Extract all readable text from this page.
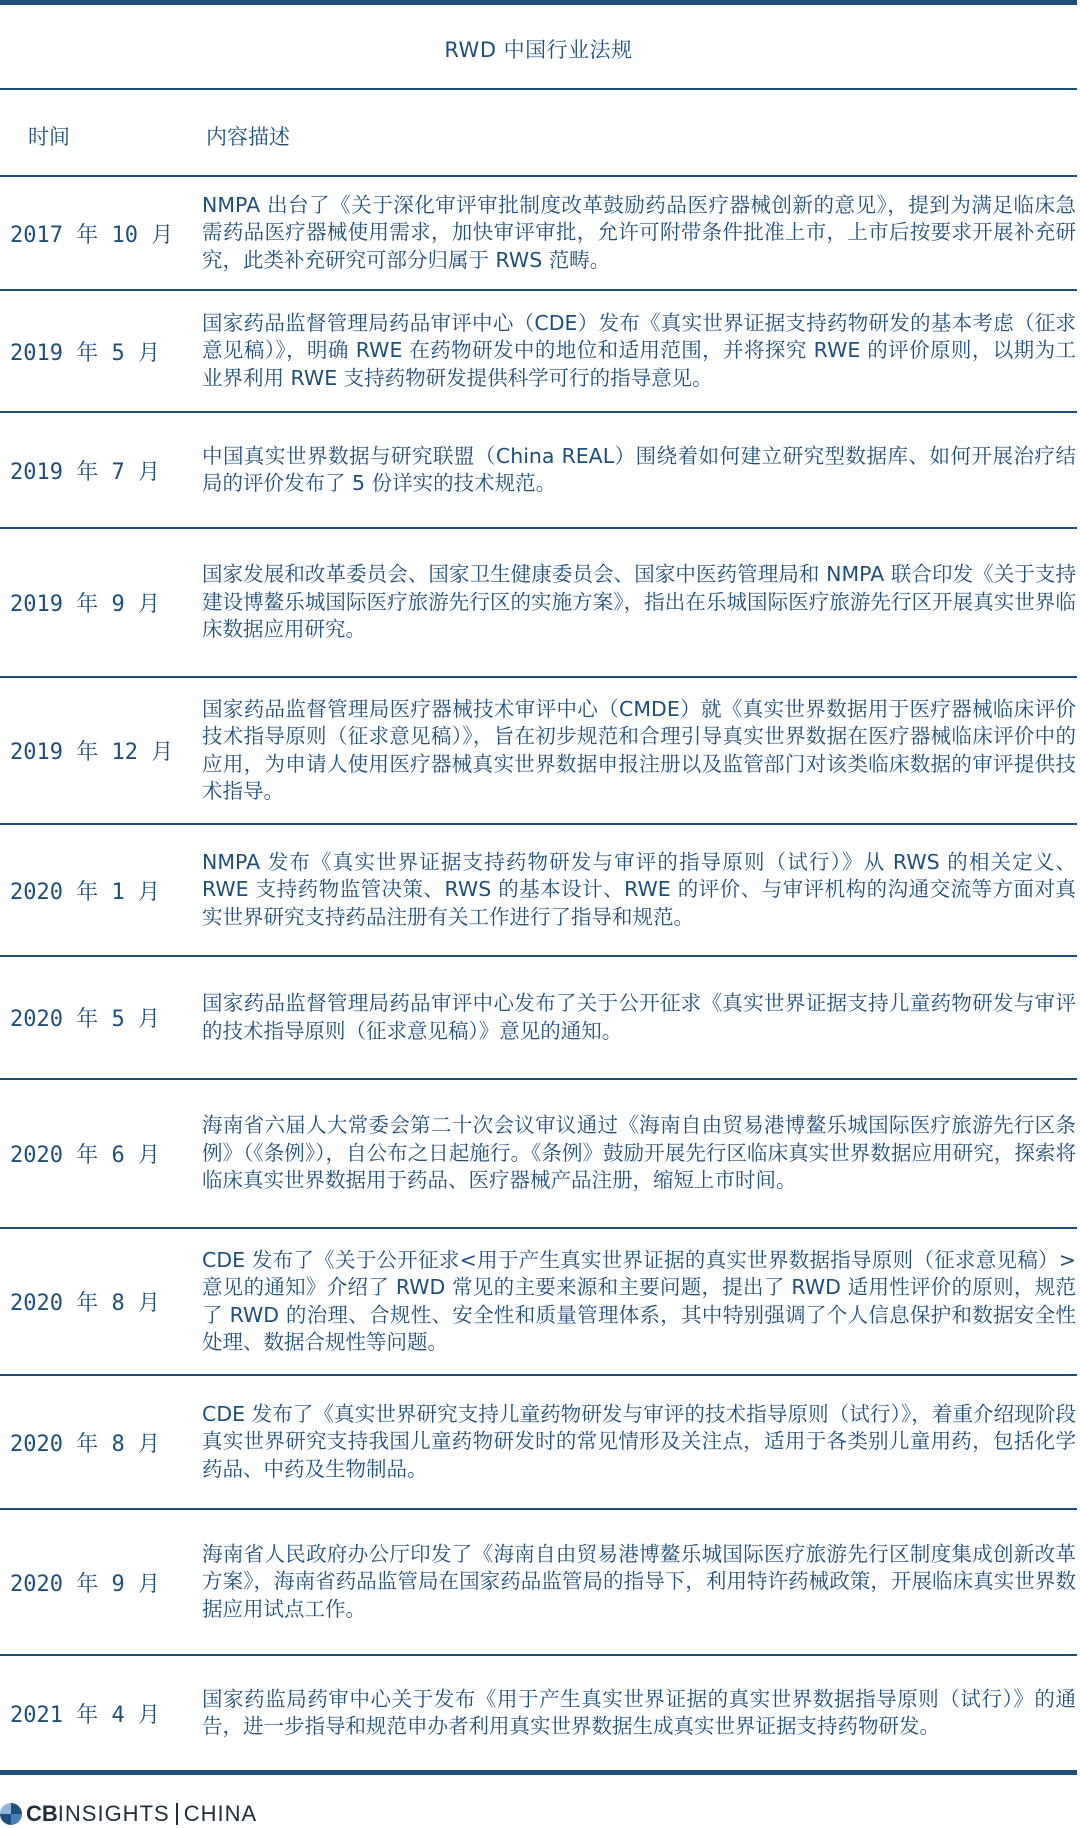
RWD 中国行业法规
时间	内容描述
2017 年 10 月
NMPA 出台了《关于深化审评审批制度改革鼓励药品医疗器械创新的意见》，提到为满足临床急需药品医疗器械使用需求，加快审评审批，允许可附带条件批准上市，上市后按要求开展补充研究，此类补充研究可部分归属于 RWS 范畴。
2019 年 5 月
国家药品监督管理局药品审评中心（CDE）发布《真实世界证据支持药物研发的基本考虑（征求意见稿）》，明确 RWE 在药物研发中的地位和适用范围，并将探究 RWE 的评价原则，以期为工业界利用 RWE 支持药物研发提供科学可行的指导意见。
2019 年 7 月
中国真实世界数据与研究联盟（China REAL）围绕着如何建立研究型数据库、如何开展治疗结局的评价发布了 5 份详实的技术规范。
2019 年 9 月
国家发展和改革委员会、国家卫生健康委员会、国家中医药管理局和 NMPA 联合印发《关于支持建设博鳌乐城国际医疗旅游先行区的实施方案》，指出在乐城国际医疗旅游先行区开展真实世界临床数据应用研究。
2019 年 12 月
国家药品监督管理局医疗器械技术审评中心（CMDE）就《真实世界数据用于医疗器械临床评价技术指导原则（征求意见稿）》，旨在初步规范和合理引导真实世界数据在医疗器械临床评价中的应用，为申请人使用医疗器械真实世界数据申报注册以及监管部门对该类临床数据的审评提供技术指导。
2020 年 1 月
NMPA 发布《真实世界证据支持药物研发与审评的指导原则（试行）》从 RWS 的相关定义、RWE 支持药物监管决策、RWS 的基本设计、RWE 的评价、与审评机构的沟通交流等方面对真实世界研究支持药品注册有关工作进行了指导和规范。
2020 年 5 月
国家药品监督管理局药品审评中心发布了关于公开征求《真实世界证据支持儿童药物研发与审评的技术指导原则（征求意见稿）》意见的通知。
2020 年 6 月
海南省六届人大常委会第二十次会议审议通过《海南自由贸易港博鳌乐城国际医疗旅游先行区条例》（《条例》），自公布之日起施行。《条例》鼓励开展先行区临床真实世界数据应用研究，探索将临床真实世界数据用于药品、医疗器械产品注册，缩短上市时间。
2020 年 8 月
CDE 发布了《关于公开征求<用于产生真实世界证据的真实世界数据指导原则（征求意见稿）>意见的通知》介绍了 RWD 常见的主要来源和主要问题，提出了 RWD 适用性评价的原则，规范了 RWD 的治理、合规性、安全性和质量管理体系，其中特别强调了个人信息保护和数据安全性处理、数据合规性等问题。
2020 年 8 月
CDE 发布了《真实世界研究支持儿童药物研发与审评的技术指导原则（试行）》，着重介绍现阶段真实世界研究支持我国儿童药物研发时的常见情形及关注点，适用于各类别儿童用药，包括化学药品、中药及生物制品。
2020 年 9 月
海南省人民政府办公厅印发了《海南自由贸易港博鳌乐城国际医疗旅游先行区制度集成创新改革方案》，海南省药品监管局在国家药品监管局的指导下，利用特许药械政策，开展临床真实世界数据应用试点工作。
2021 年 4 月
国家药监局药审中心关于发布《用于产生真实世界证据的真实世界数据指导原则（试行）》的通告，进一步指导和规范申办者利用真实世界数据生成真实世界证据支持药物研发。
CB INSIGHTS CHINA
